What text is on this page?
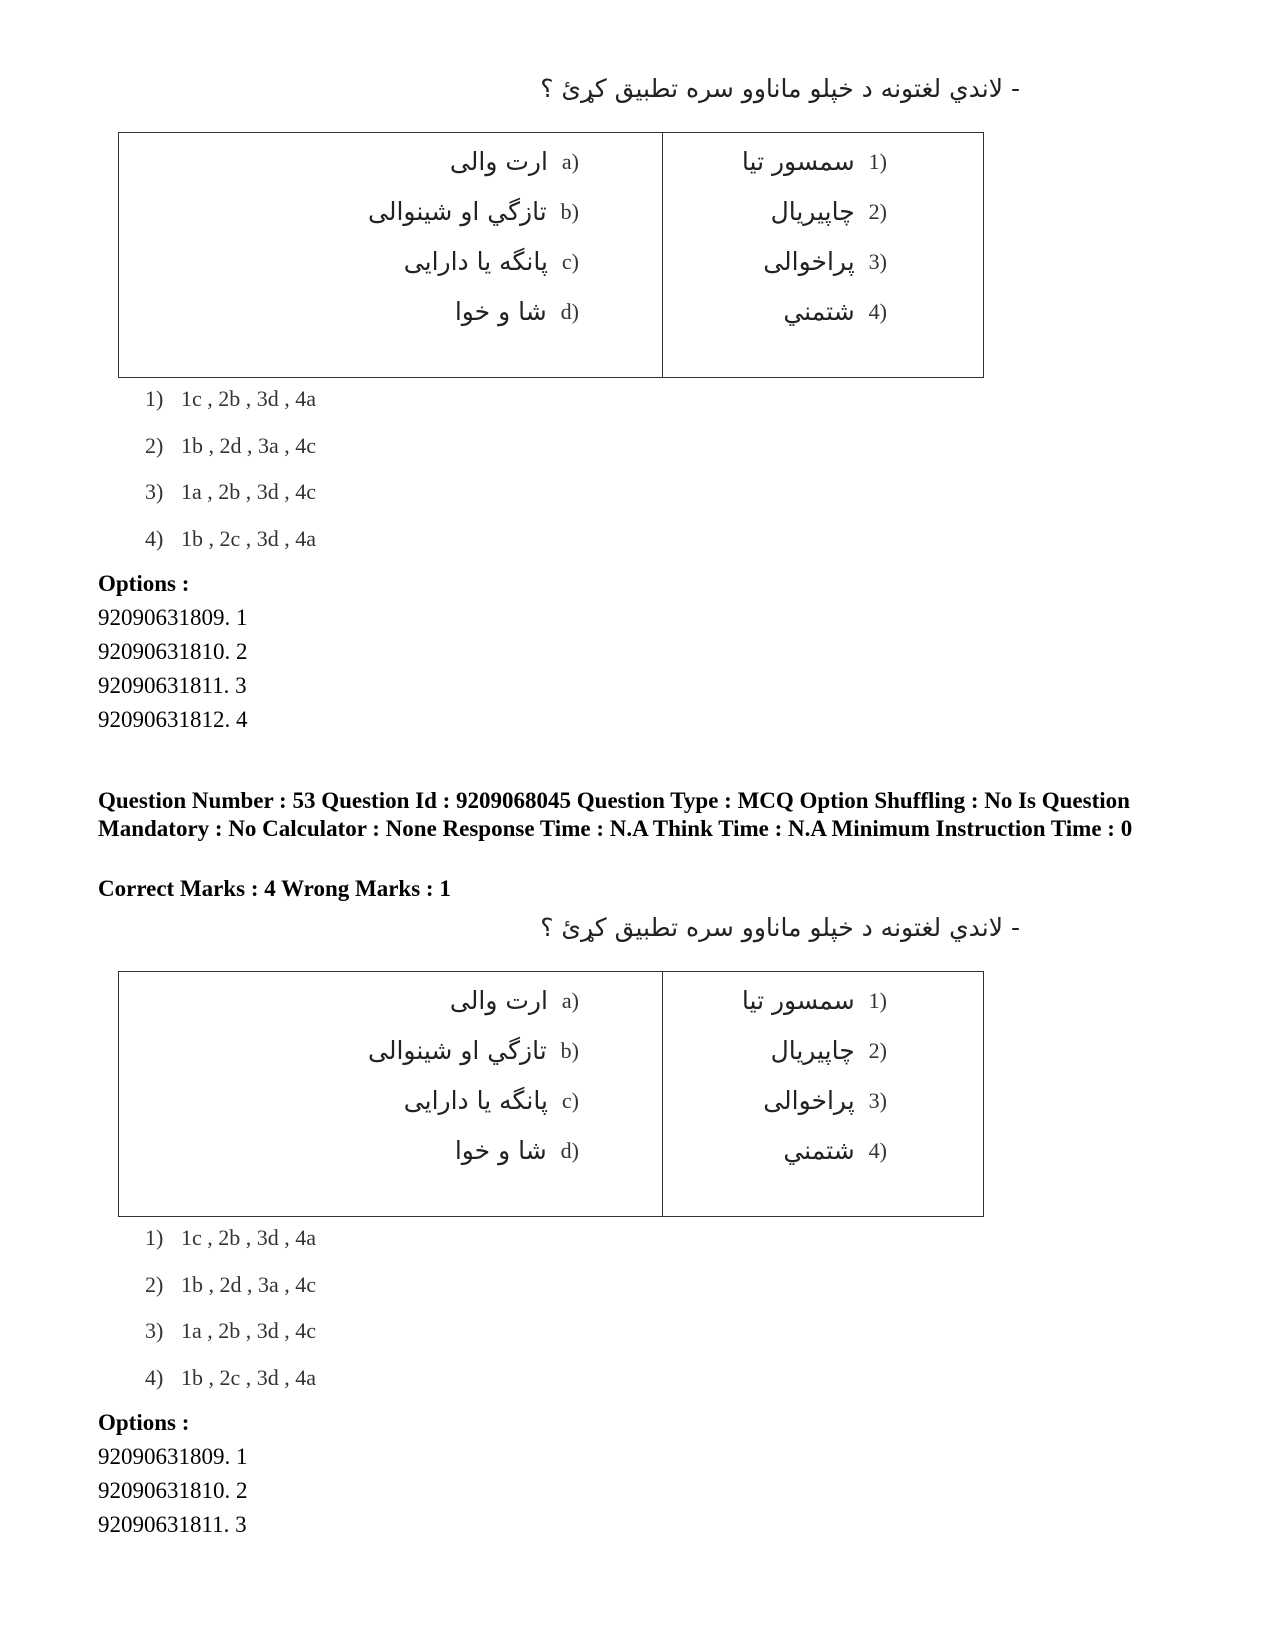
- لاندي لغتونه د خپلو ماناوو سره تطبيق کړئ ؟
1)
سمسور تيا
2)
چاپيريال
3)
پراخوالى
4)
شتمني
a)
ارت والى
b)
تازگي او شينوالى
c)
پانگه يا دارايى
d)
شا و خوا
1) 1c , 2b , 3d , 4a
2) 1b , 2d , 3a , 4c
3) 1a , 2b , 3d , 4c
4) 1b , 2c , 3d , 4a
Options :
92090631809. 1
92090631810. 2
92090631811. 3
92090631812. 4
Question Number : 53 Question Id : 9209068045 Question Type : MCQ Option Shuffling : No Is Question Mandatory : No Calculator : None Response Time : N.A Think Time : N.A Minimum Instruction Time : 0
Correct Marks : 4 Wrong Marks : 1
- لاندي لغتونه د خپلو ماناوو سره تطبيق کړئ ؟
1)
سمسور تيا
2)
چاپيريال
3)
پراخوالى
4)
شتمني
a)
ارت والى
b)
تازگي او شينوالى
c)
پانگه يا دارايى
d)
شا و خوا
1) 1c , 2b , 3d , 4a
2) 1b , 2d , 3a , 4c
3) 1a , 2b , 3d , 4c
4) 1b , 2c , 3d , 4a
Options :
92090631809. 1
92090631810. 2
92090631811. 3
